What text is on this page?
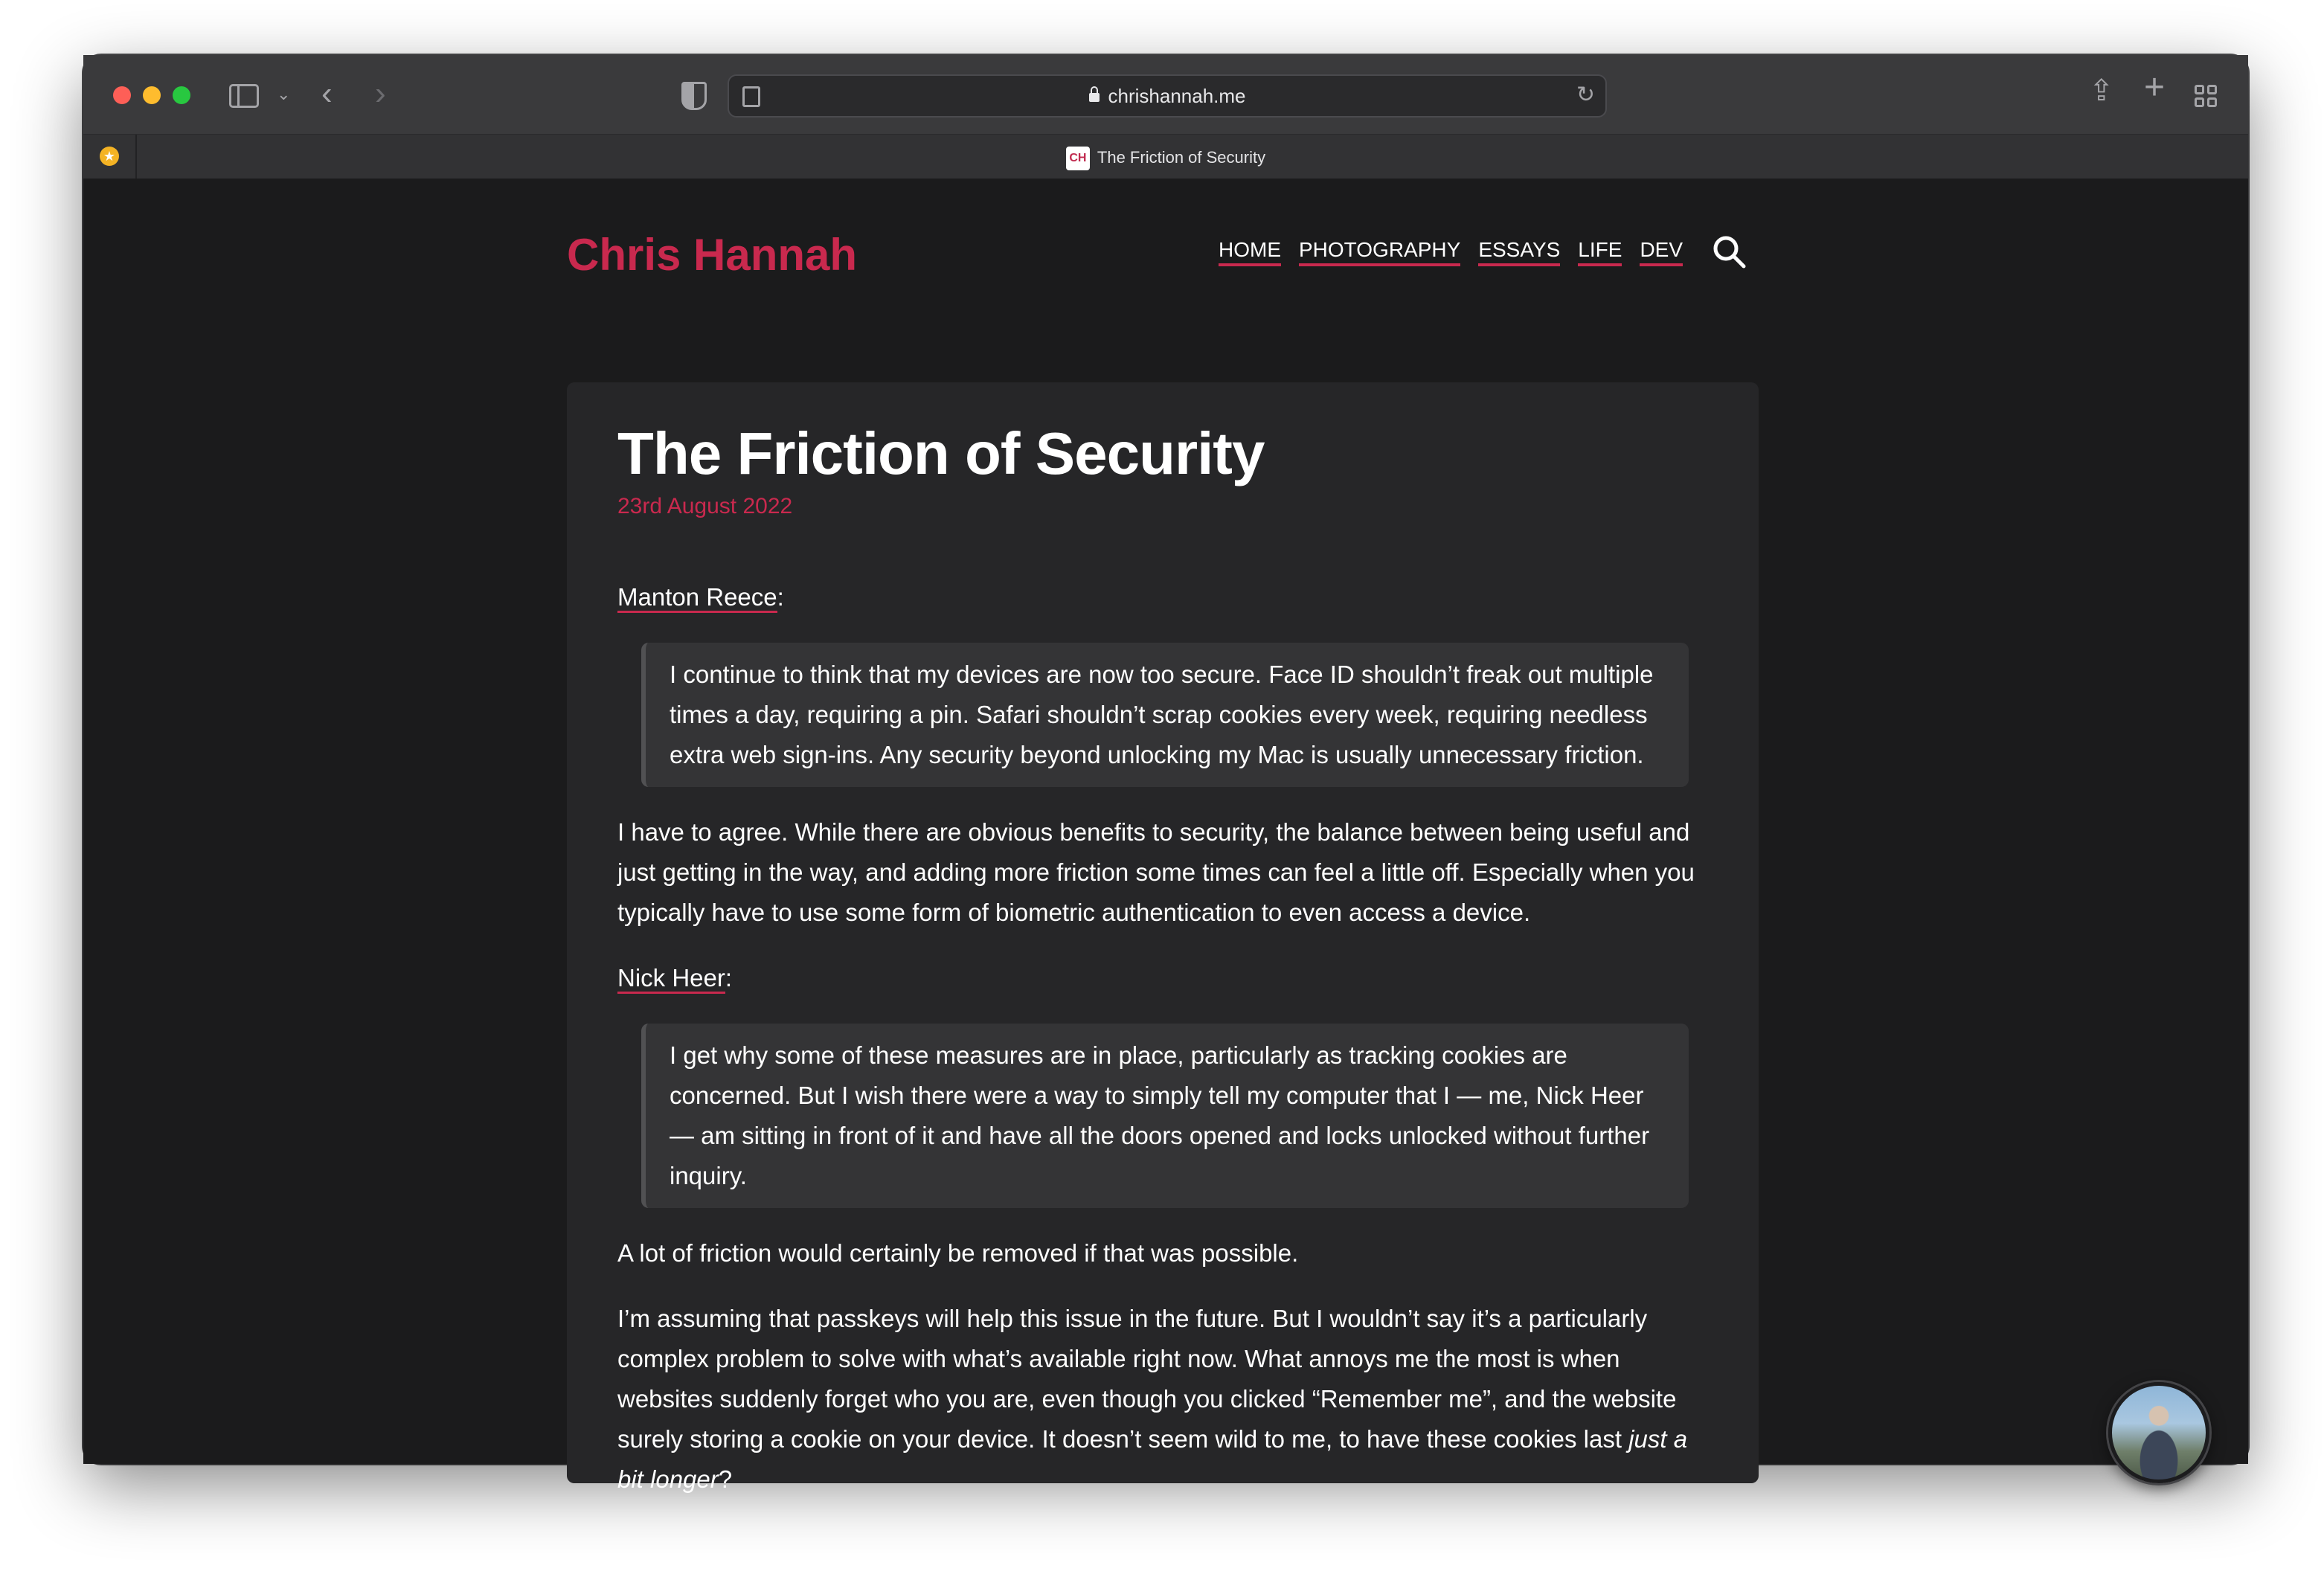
⌄ ‹ ›	chrishannah.me	↻	⇪ +
★	CH The Friction of Security
Chris Hannah	HOME PHOTOGRAPHY ESSAYS LIFE DEV
The Friction of Security
23rd August 2022

Manton Reece:

I continue to think that my devices are now too secure. Face ID shouldn’t freak out multiple times a day, requiring a pin. Safari shouldn’t scrap cookies every week, requiring needless extra web sign-ins. Any security beyond unlocking my Mac is usually unnecessary friction.

I have to agree. While there are obvious benefits to security, the balance between being useful and just getting in the way, and adding more friction some times can feel a little off. Especially when you typically have to use some form of biometric authentication to even access a device.

Nick Heer:

I get why some of these measures are in place, particularly as tracking cookies are concerned. But I wish there were a way to simply tell my computer that I — me, Nick Heer — am sitting in front of it and have all the doors opened and locks unlocked without further inquiry.

A lot of friction would certainly be removed if that was possible.

I’m assuming that passkeys will help this issue in the future. But I wouldn’t say it’s a particularly complex problem to solve with what’s available right now. What annoys me the most is when websites suddenly forget who you are, even though you clicked “Remember me”, and the website surely storing a cookie on your device. It doesn’t seem wild to me, to have these cookies last just a bit longer?
